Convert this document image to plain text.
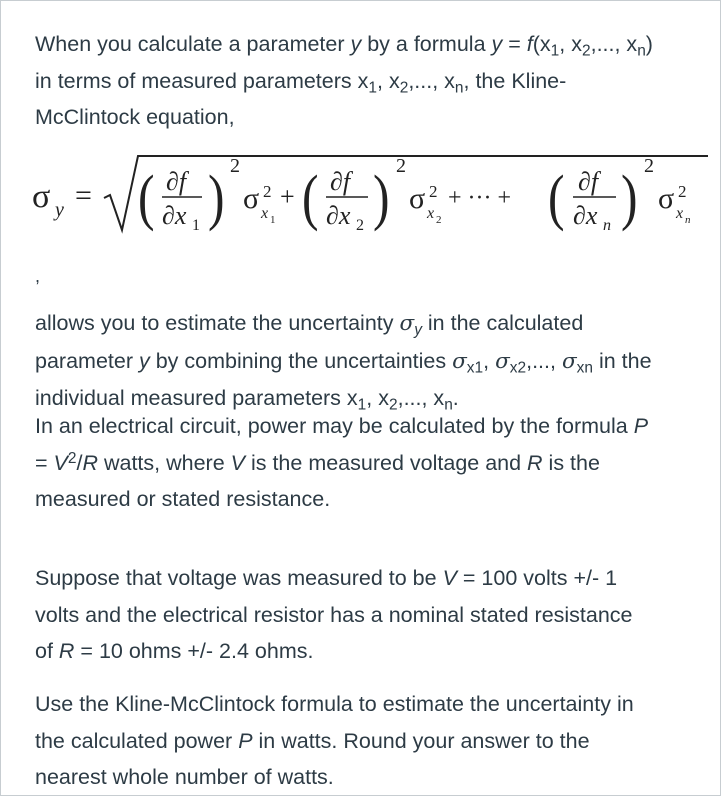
When you calculate a parameter y by a formula $y = f(x_1$, $x_2$,..., $x_n$)

in terms of measured parameters $x_1$, $x_2$,..., $x_n$, the Kline-

McClintock equation,

σ y = ( ∂f
∂x 1 ) 2
σ 2
x 1
+ ( ∂f
∂x 2 ) 2
σ 2
x 2
+ ··· + ( ∂f
∂x n ) 2
σ 2
x n
,

allows you to estimate the uncertainty $\sigma_y$ in the calculated

parameter y by combining the uncertainties $\sigma_{x1}$, $\sigma_{x2}$,..., $\sigma_{xn}$ in the

individual measured parameters $x_1$, $x_2$,..., $x_n$.

In an electrical circuit, power may be calculated by the formula P

= $V^2/R$ watts, where V is the measured voltage and R is the

measured or stated resistance.

Suppose that voltage was measured to be V = 100 volts +/- 1

volts and the electrical resistor has a nominal stated resistance

of R = 10 ohms +/- 2.4 ohms.

Use the Kline-McClintock formula to estimate the uncertainty in

the calculated power P in watts. Round your answer to the

nearest whole number of watts.
